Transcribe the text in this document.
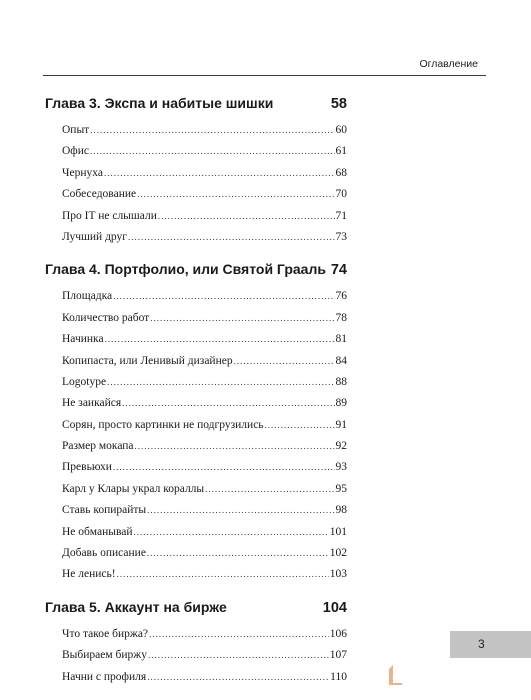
Оглавление
Глава 3. Экспа и набитые шишки	58
Опыт .....	60
Офис .....	61
Чернуха .....	68
Собеседование .....	70
Про IT не слышали .....	71
Лучший друг .....	73
Глава 4. Портфолио, или Святой Грааль 74
Площадка .....	76
Количество работ .....	78
Начинка .....	81
Копипаста, или Ленивый дизайнер .....	84
Logotype .....	88
Не заикайся .....	89
Сорян, просто картинки не подгрузились .....	91
Размер мокапа .....	92
Превьюхи .....	93
Карл у Клары украл кораллы .....	95
Ставь копирайты .....	98
Не обманывай .....	101
Добавь описание .....	102
Не ленись! .....	103
Глава 5. Аккаунт на бирже	104
Что такое биржа? .....	106
Выбираем биржу .....	107
Начни с профиля .....	110
3
Л
